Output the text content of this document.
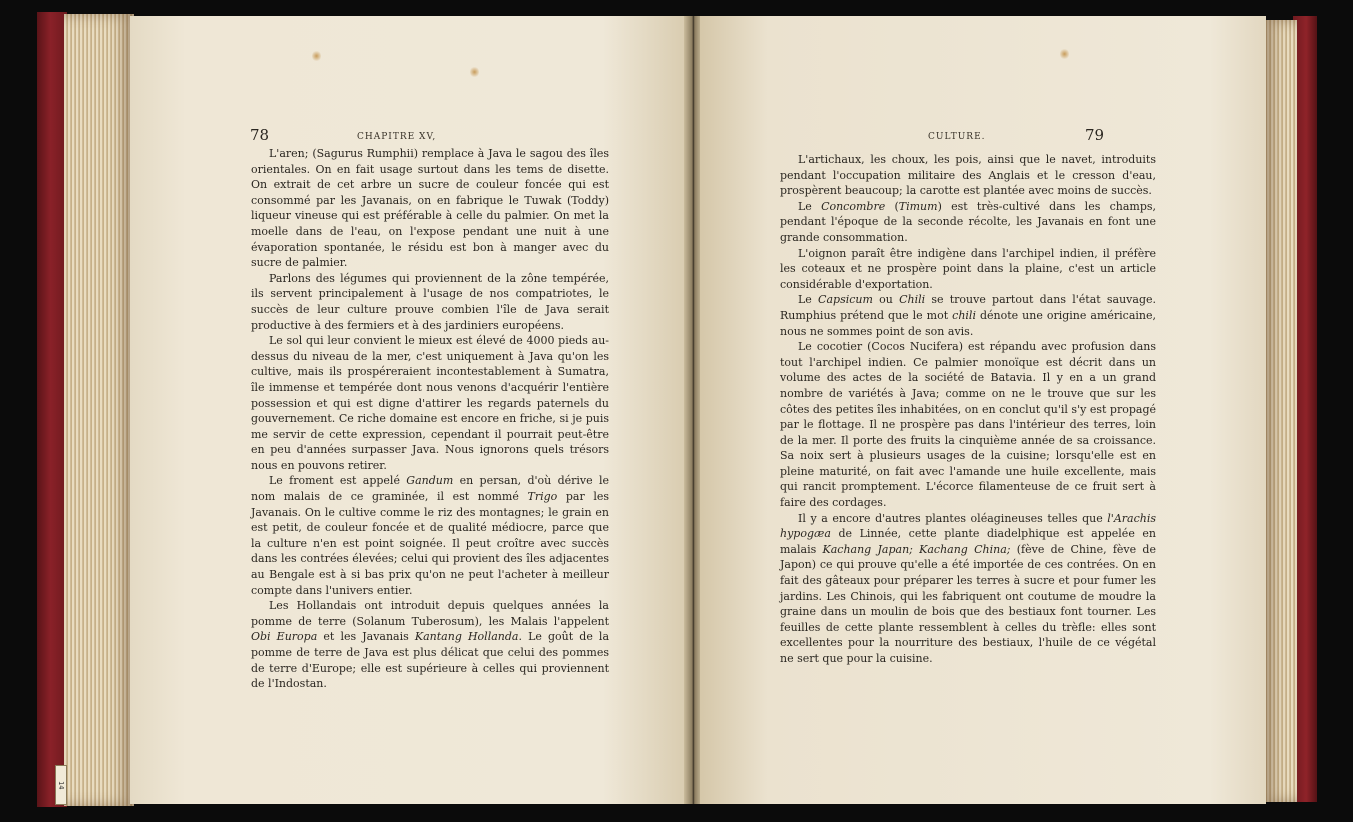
14
78	CHAPITRE XV,

L'aren; (Sagurus Rumphii) remplace à Java le sagou des îles orientales. On en fait usage surtout dans les tems de disette. On extrait de cet arbre un sucre de couleur foncée qui est consommé par les Javanais, on en fabrique le Tuwak (Toddy) liqueur vineuse qui est préférable à celle du palmier. On met la moelle dans de l'eau, on l'expose pendant une nuit à une évaporation spontanée, le résidu est bon à manger avec du sucre de palmier.

Parlons des légumes qui proviennent de la zône tempérée, ils servent principalement à l'usage de nos compatriotes, le succès de leur culture prouve combien l'île de Java serait productive à des fermiers et à des jardiniers européens.

Le sol qui leur convient le mieux est élevé de 4000 pieds au-dessus du niveau de la mer, c'est uniquement à Java qu'on les cultive, mais ils prospéreraient incontestablement à Sumatra, île immense et tempérée dont nous venons d'acquérir l'entière possession et qui est digne d'attirer les regards paternels du gouvernement. Ce riche domaine est encore en friche, si je puis me servir de cette expression, cependant il pourrait peut-être en peu d'années surpasser Java. Nous ignorons quels trésors nous en pouvons retirer.

Le froment est appelé Gandum en persan, d'où dérive le nom malais de ce graminée, il est nommé Trigo par les Javanais. On le cultive comme le riz des montagnes; le grain en est petit, de couleur foncée et de qualité médiocre, parce que la culture n'en est point soignée. Il peut croître avec succès dans les contrées élevées; celui qui provient des îles adjacentes au Bengale est à si bas prix qu'on ne peut l'acheter à meilleur compte dans l'univers entier.

Les Hollandais ont introduit depuis quelques années la pomme de terre (Solanum Tuberosum), les Malais l'appelent Obi Europa et les Javanais Kantang Hollanda. Le goût de la pomme de terre de Java est plus délicat que celui des pommes de terre d'Europe; elle est supérieure à celles qui proviennent de l'Indostan.

79
CULTURE.

L'artichaux, les choux, les pois, ainsi que le navet, introduits pendant l'occupation militaire des Anglais et le cresson d'eau, prospèrent beaucoup; la carotte est plantée avec moins de succès.

Le Concombre (Timum) est très-cultivé dans les champs, pendant l'époque de la seconde récolte, les Javanais en font une grande consommation.

L'oignon paraît être indigène dans l'archipel indien, il préfère les coteaux et ne prospère point dans la plaine, c'est un article considérable d'exportation.

Le Capsicum ou Chili se trouve partout dans l'état sauvage. Rumphius prétend que le mot chili dénote une origine américaine, nous ne sommes point de son avis.

Le cocotier (Cocos Nucifera) est répandu avec profusion dans tout l'archipel indien. Ce palmier monoïque est décrit dans un volume des actes de la société de Batavia. Il y en a un grand nombre de variétés à Java; comme on ne le trouve que sur les côtes des petites îles inhabitées, on en conclut qu'il s'y est propagé par le flottage. Il ne prospère pas dans l'intérieur des terres, loin de la mer. Il porte des fruits la cinquième année de sa croissance. Sa noix sert à plusieurs usages de la cuisine; lorsqu'elle est en pleine maturité, on fait avec l'amande une huile excellente, mais qui rancit promptement. L'écorce filamenteuse de ce fruit sert à faire des cordages.

Il y a encore d'autres plantes oléagineuses telles que l'Arachis hypogæa de Linnée, cette plante diadelphique est appelée en malais Kachang Japan; Kachang China; (fève de Chine, fève de Japon) ce qui prouve qu'elle a été importée de ces contrées. On en fait des gâteaux pour préparer les terres à sucre et pour fumer les jardins. Les Chinois, qui les fabriquent ont coutume de moudre la graine dans un moulin de bois que des bestiaux font tourner. Les feuilles de cette plante ressemblent à celles du trèfle: elles sont excellentes pour la nourriture des bestiaux, l'huile de ce végétal ne sert que pour la cuisine.
